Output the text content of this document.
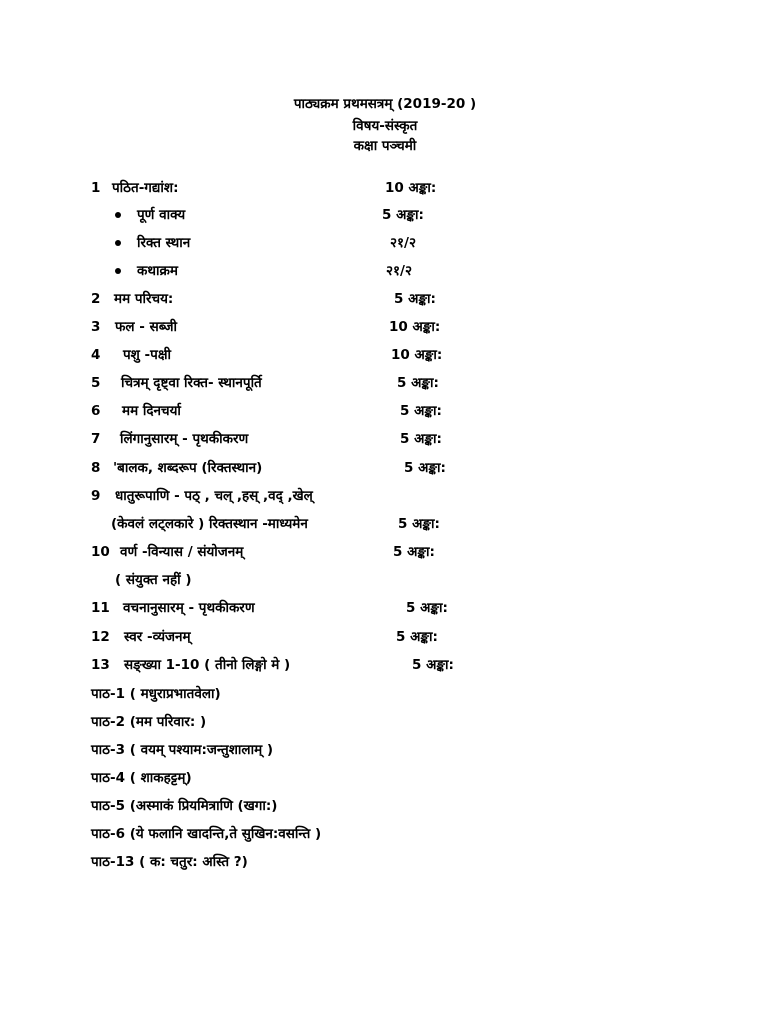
पाठ्यक्रम प्रथमसत्रम् (2019-20 )
विषय-संस्कृत
कक्षा पञ्चमी
1 पठित-गद्यांश:	10 अङ्का:
पूर्ण वाक्य	5 अङ्का:
रिक्त स्थान	२१/२
कथाक्रम	२१/२
2 मम परिचय:	5 अङ्का:
3 फल - सब्जी	10 अङ्का:
4 पशु -पक्षी	10 अङ्का:
5 चित्रम् दृष्ट्वा रिक्त- स्थानपूर्ति	5 अङ्का:
6 मम दिनचर्या	5 अङ्का:
7 लिंगानुसारम् - पृथकीकरण	5 अङ्का:
8 'बालक, शब्दरूप (रिक्तस्थान)	5 अङ्का:
9 धातुरूपाणि - पठ् , चल् ,हस् ,वद् ,खेल्
(केवलं लट्लकारे ) रिक्तस्थान -माध्यमेन	5 अङ्का:
10 वर्ण -विन्यास / संयोजनम्	5 अङ्का:
( संयुक्त नहीं )
11 वचनानुसारम् - पृथकीकरण	5 अङ्का:
12 स्वर -व्यंजनम्	5 अङ्का:
13 सङ्ख्या 1-10 ( तीनो लिङ्गो मे )	5 अङ्का:
पाठ-1 ( मधुराप्रभातवेला)
पाठ-2 (मम परिवार: )
पाठ-3 ( वयम् पश्याम:जन्तुशालाम् )
पाठ-4 ( शाकहट्टम्)
पाठ-5 (अस्माकं प्रियमित्राणि (खगा:)
पाठ-6 (ये फलानि खादन्ति,ते सुखिन:वसन्ति )
पाठ-13 ( क: चतुर: अस्ति ?)
